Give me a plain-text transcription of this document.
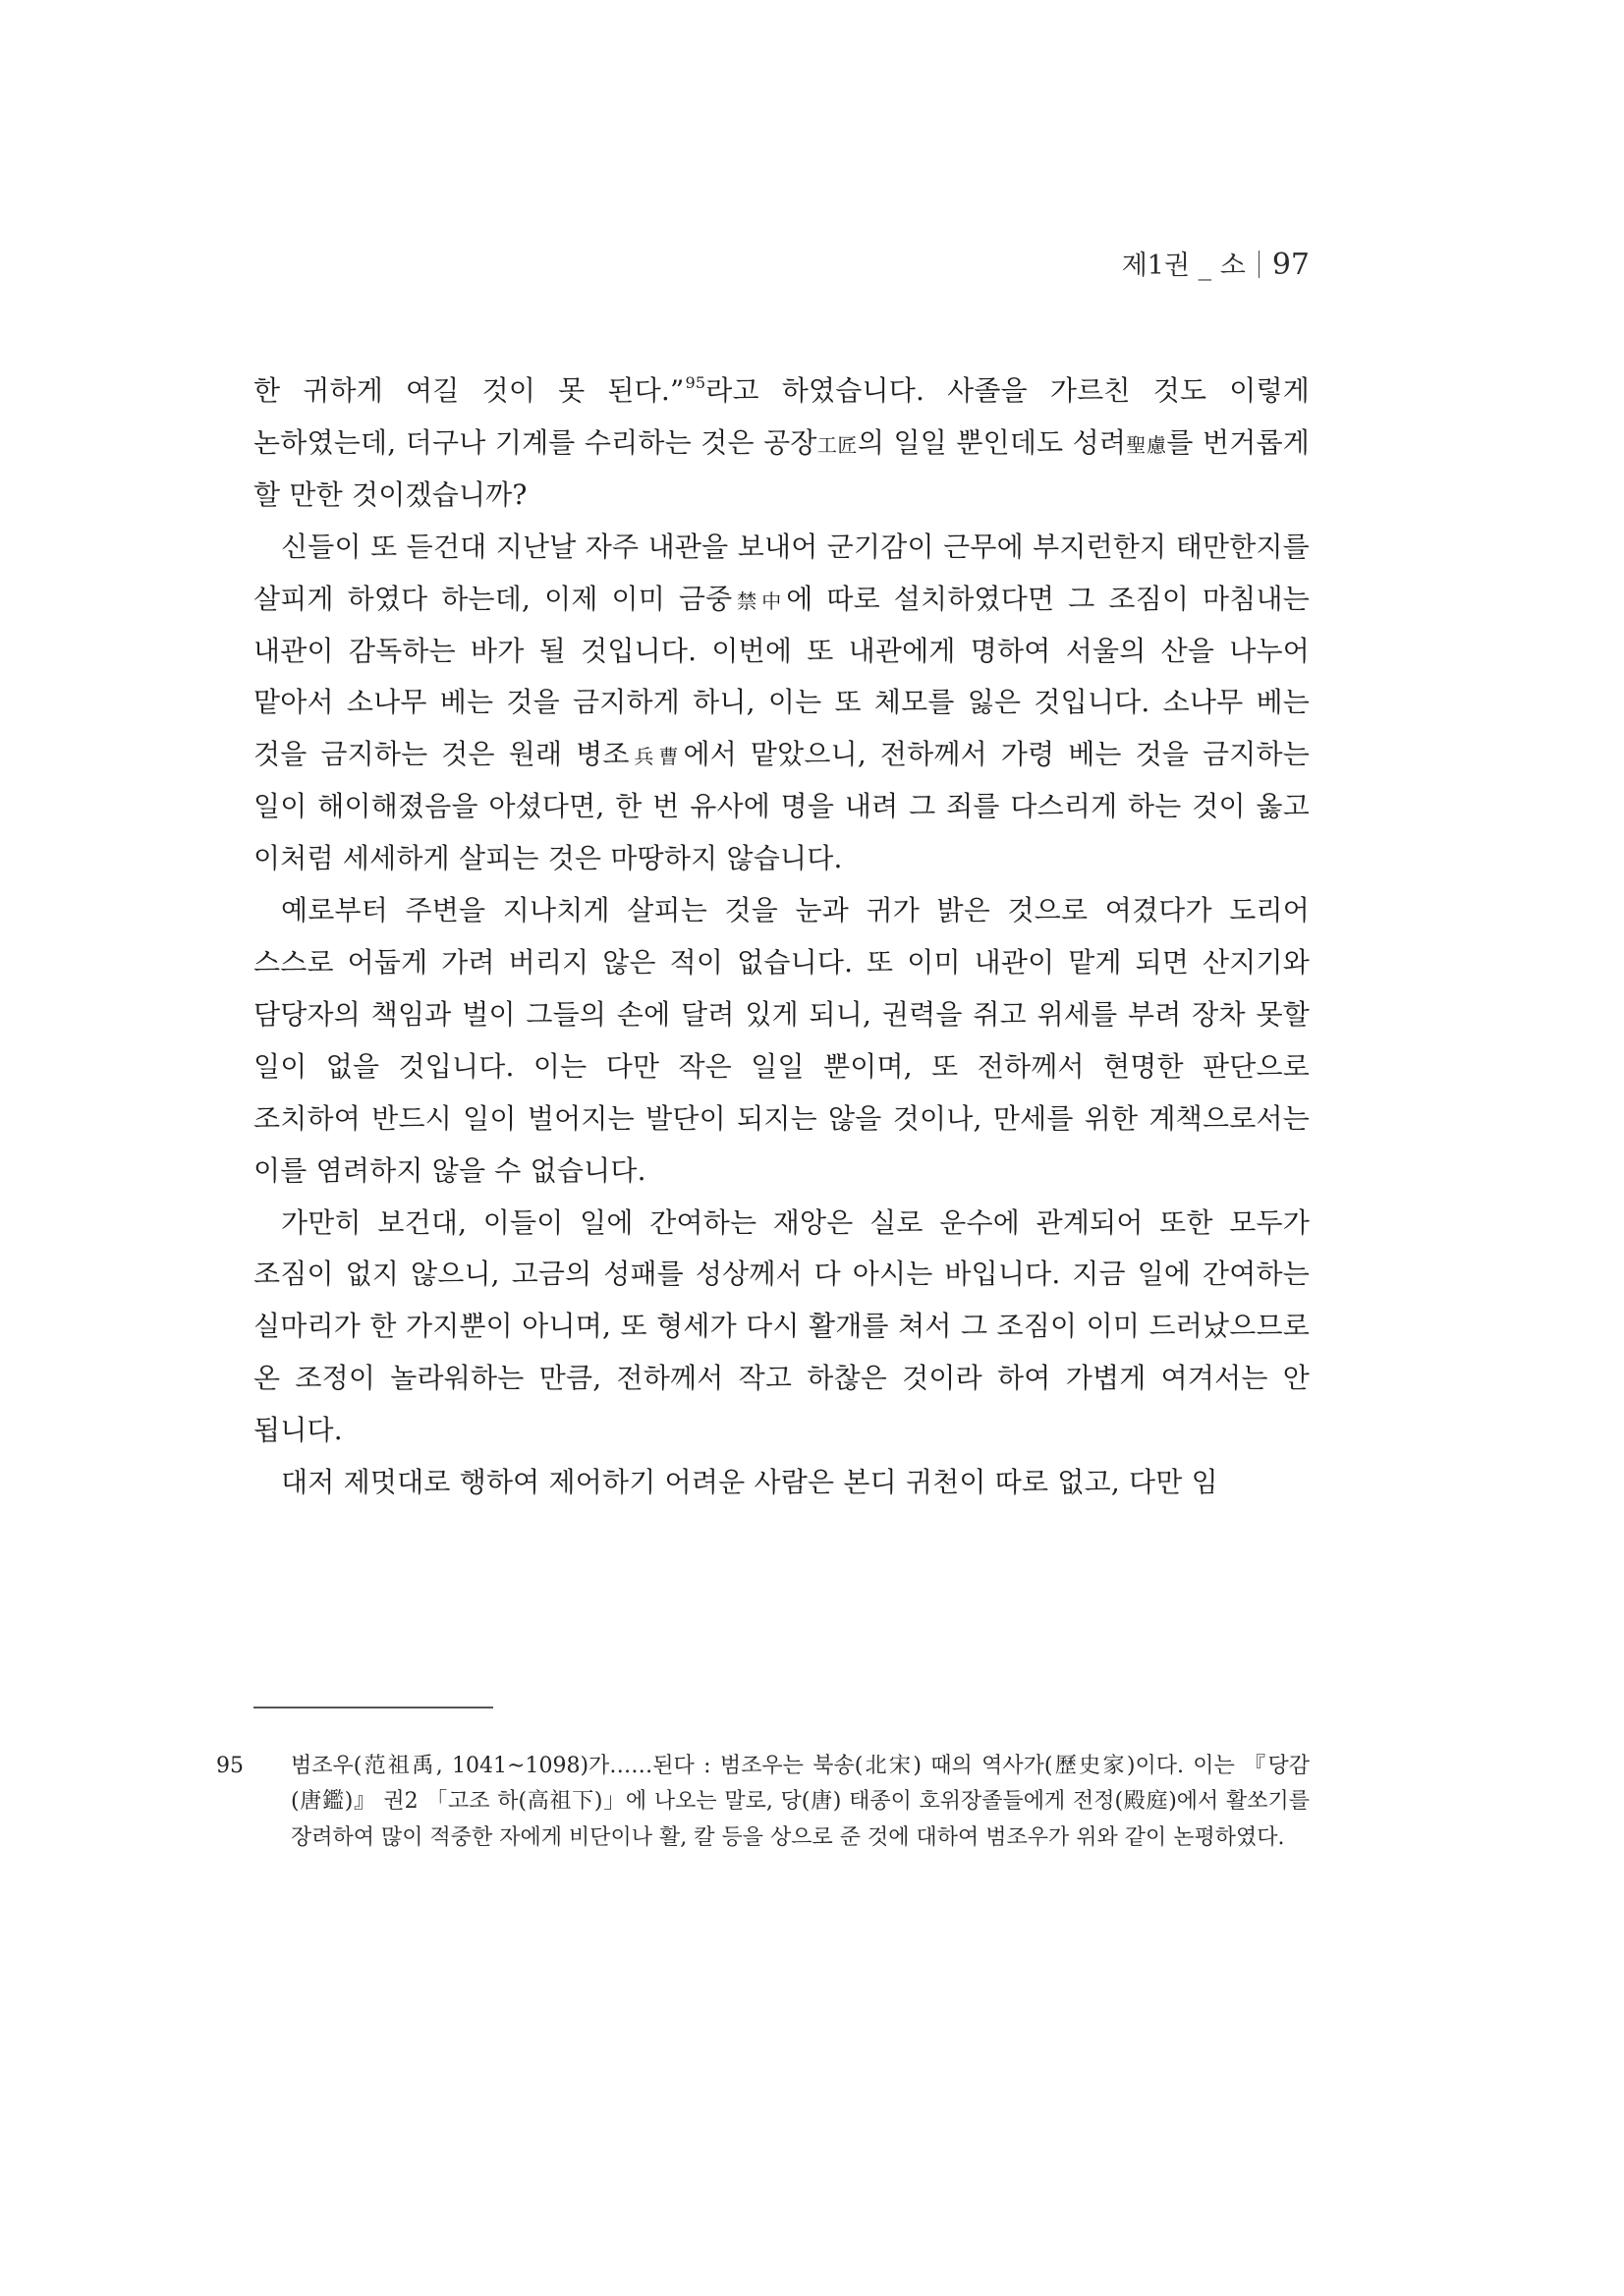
제1권 _ 소 97

한 귀하게 여길 것이 못 된다.”$^{95}$라고 하였습니다. 사졸을 가르친 것도 이렇게 논하였는데, 더구나 기계를 수리하는 것은 공장工匠의 일일 뿐인데도 성려聖慮를 번거롭게 할 만한 것이겠습니까?

신들이 또 듣건대 지난날 자주 내관을 보내어 군기감이 근무에 부지런한지 태만한지를 살피게 하였다 하는데, 이제 이미 금중禁中에 따로 설치하였다면 그 조짐이 마침내는 내관이 감독하는 바가 될 것입니다. 이번에 또 내관에게 명하여 서울의 산을 나누어 맡아서 소나무 베는 것을 금지하게 하니, 이는 또 체모를 잃은 것입니다. 소나무 베는 것을 금지하는 것은 원래 병조兵曹에서 맡았으니, 전하께서 가령 베는 것을 금지하는 일이 해이해졌음을 아셨다면, 한 번 유사에 명을 내려 그 죄를 다스리게 하는 것이 옳고 이처럼 세세하게 살피는 것은 마땅하지 않습니다.

예로부터 주변을 지나치게 살피는 것을 눈과 귀가 밝은 것으로 여겼다가 도리어 스스로 어둡게 가려 버리지 않은 적이 없습니다. 또 이미 내관이 맡게 되면 산지기와 담당자의 책임과 벌이 그들의 손에 달려 있게 되니, 권력을 쥐고 위세를 부려 장차 못할 일이 없을 것입니다. 이는 다만 작은 일일 뿐이며, 또 전하께서 현명한 판단으로 조치하여 반드시 일이 벌어지는 발단이 되지는 않을 것이나, 만세를 위한 계책으로서는 이를 염려하지 않을 수 없습니다.

가만히 보건대, 이들이 일에 간여하는 재앙은 실로 운수에 관계되어 또한 모두가 조짐이 없지 않으니, 고금의 성패를 성상께서 다 아시는 바입니다. 지금 일에 간여하는 실마리가 한 가지뿐이 아니며, 또 형세가 다시 활개를 쳐서 그 조짐이 이미 드러났으므로 온 조정이 놀라워하는 만큼, 전하께서 작고 하찮은 것이라 하여 가볍게 여겨서는 안 됩니다.

대저 제멋대로 행하여 제어하기 어려운 사람은 본디 귀천이 따로 없고, 다만 임

95 범조우(范祖禹, 1041~1098)가……된다 : 범조우는 북송(北宋) 때의 역사가(歷史家)이다. 이는 『당감(唐鑑)』 권2 「고조 하(高祖下)」에 나오는 말로, 당(唐) 태종이 호위장졸들에게 전정(殿庭)에서 활쏘기를 장려하여 많이 적중한 자에게 비단이나 활, 칼 등을 상으로 준 것에 대하여 범조우가 위와 같이 논평하였다.
